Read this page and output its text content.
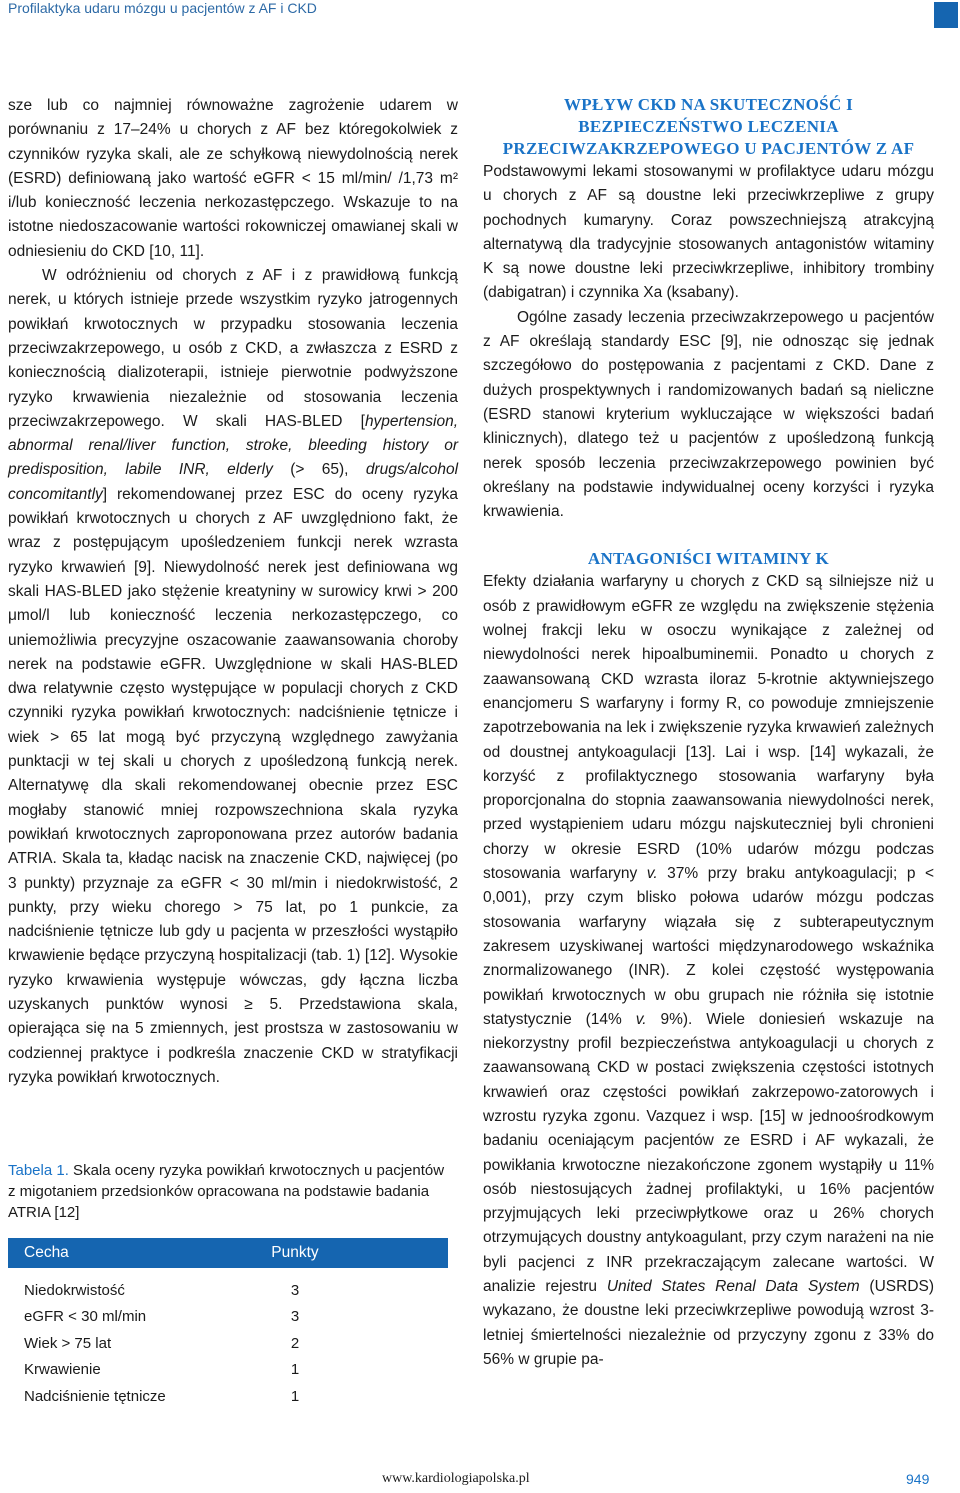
Profilaktyka udaru mózgu u pacjentów z AF i CKD

sze lub co najmniej równoważne zagrożenie udarem w porównaniu z 17–24% u chorych z AF bez któregokolwiek z czynników ryzyka skali, ale ze schyłkową niewydolnością nerek (ESRD) definiowaną jako wartość eGFR < 15 ml/min/ /1,73 m² i/lub konieczność leczenia nerkozastępczego. Wskazuje to na istotne niedoszacowanie wartości rokowniczej omawianej skali w odniesieniu do CKD [10, 11].

W odróżnieniu od chorych z AF i z prawidłową funkcją nerek, u których istnieje przede wszystkim ryzyko jatrogennych powikłań krwotocznych w przypadku stosowania leczenia przeciwzakrzepowego, u osób z CKD, a zwłaszcza z ESRD z koniecznością dializoterapii, istnieje pierwotnie podwyższone ryzyko krwawienia niezależnie od stosowania leczenia przeciwzakrzepowego. W skali HAS-BLED [hypertension, abnormal renal/liver function, stroke, bleeding history or predisposition, labile INR, elderly (> 65), drugs/alcohol concomitantly] rekomendowanej przez ESC do oceny ryzyka powikłań krwotocznych u chorych z AF uwzględniono fakt, że wraz z postępującym upośledzeniem funkcji nerek wzrasta ryzyko krwawień [9]. Niewydolność nerek jest definiowana wg skali HAS-BLED jako stężenie kreatyniny w surowicy krwi > 200 μmol/l lub konieczność leczenia nerkozastępczego, co uniemożliwia precyzyjne oszacowanie zaawansowania choroby nerek na podstawie eGFR. Uwzględnione w skali HAS-BLED dwa relatywnie często występujące w populacji chorych z CKD czynniki ryzyka powikłań krwotocznych: nadciśnienie tętnicze i wiek > 65 lat mogą być przyczyną względnego zawyżania punktacji w tej skali u chorych z upośledzoną funkcją nerek. Alternatywę dla skali rekomendowanej obecnie przez ESC mogłaby stanowić mniej rozpowszechniona skala ryzyka powikłań krwotocznych zaproponowana przez autorów badania ATRIA. Skala ta, kładąc nacisk na znaczenie CKD, najwięcej (po 3 punkty) przyznaje za eGFR < 30 ml/min i niedokrwistość, 2 punkty, przy wieku chorego > 75 lat, po 1 punkcie, za nadciśnienie tętnicze lub gdy u pacjenta w przeszłości wystąpiło krwawienie będące przyczyną hospitalizacji (tab. 1) [12]. Wysokie ryzyko krwawienia występuje wówczas, gdy łączna liczba uzyskanych punktów wynosi ≥ 5. Przedstawiona skala, opierająca się na 5 zmiennych, jest prostsza w zastosowaniu w codziennej praktyce i podkreśla znaczenie CKD w stratyfikacji ryzyka powikłań krwotocznych.

Tabela 1. Skala oceny ryzyka powikłań krwotocznych u pacjentów z migotaniem przedsionków opracowana na podstawie badania ATRIA [12]
Cecha	Punkty
Niedokrwistość	3
eGFR < 30 ml/min	3
Wiek > 75 lat	2
Krwawienie	1
Nadciśnienie tętnicze	1
WPŁYW CKD NA SKUTECZNOŚĆ I BEZPIECZEŃSTWO LECZENIA PRZECIWZAKRZEPOWEGO U PACJENTÓW Z AF

Podstawowymi lekami stosowanymi w profilaktyce udaru mózgu u chorych z AF są doustne leki przeciwkrzepliwe z grupy pochodnych kumaryny. Coraz powszechniejszą atrakcyjną alternatywą dla tradycyjnie stosowanych antagonistów witaminy K są nowe doustne leki przeciwkrzepliwe, inhibitory trombiny (dabigatran) i czynnika Xa (ksabany).

Ogólne zasady leczenia przeciwzakrzepowego u pacjentów z AF określają standardy ESC [9], nie odnosząc się jednak szczegółowo do postępowania z pacjentami z CKD. Dane z dużych prospektywnych i randomizowanych badań są nieliczne (ESRD stanowi kryterium wykluczające w większości badań klinicznych), dlatego też u pacjentów z upośledzoną funkcją nerek sposób leczenia przeciwzakrzepowego powinien być określany na podstawie indywidualnej oceny korzyści i ryzyka krwawienia.

ANTAGONIŚCI WITAMINY K

Efekty działania warfaryny u chorych z CKD są silniejsze niż u osób z prawidłowym eGFR ze względu na zwiększenie stężenia wolnej frakcji leku w osoczu wynikające z zależnej od niewydolności nerek hipoalbuminemii. Ponadto u chorych z zaawansowaną CKD wzrasta iloraz 5-krotnie aktywniejszego enancjomeru S warfaryny i formy R, co powoduje zmniejszenie zapotrzebowania na lek i zwiększenie ryzyka krwawień zależnych od doustnej antykoagulacji [13]. Lai i wsp. [14] wykazali, że korzyść z profilaktycznego stosowania warfaryny była proporcjonalna do stopnia zaawansowania niewydolności nerek, przed wystąpieniem udaru mózgu najskuteczniej byli chronieni chorzy w okresie ESRD (10% udarów mózgu podczas stosowania warfaryny v. 37% przy braku antykoagulacji; p < 0,001), przy czym blisko połowa udarów mózgu podczas stosowania warfaryny wiązała się z subterapeutycznym zakresem uzyskiwanej wartości międzynarodowego wskaźnika znormalizowanego (INR). Z kolei częstość występowania powikłań krwotocznych w obu grupach nie różniła się istotnie statystycznie (14% v. 9%). Wiele doniesień wskazuje na niekorzystny profil bezpieczeństwa antykoagulacji u chorych z zaawansowaną CKD w postaci zwiększenia częstości istotnych krwawień oraz częstości powikłań zakrzepowo-zatorowych i wzrostu ryzyka zgonu. Vazquez i wsp. [15] w jednoośrodkowym badaniu oceniającym pacjentów ze ESRD i AF wykazali, że powikłania krwotoczne niezakończone zgonem wystąpiły u 11% osób niestosujących żadnej profilaktyki, u 16% pacjentów przyjmujących leki przeciwpłytkowe oraz u 26% chorych otrzymujących doustny antykoagulant, przy czym narażeni na nie byli pacjenci z INR przekraczającym zalecane wartości. W analizie rejestru United States Renal Data System (USRDS) wykazano, że doustne leki przeciwkrzepliwe powodują wzrost 3-letniej śmiertelności niezależnie od przyczyny zgonu z 33% do 56% w grupie pa-

www.kardiologiapolska.pl	949
